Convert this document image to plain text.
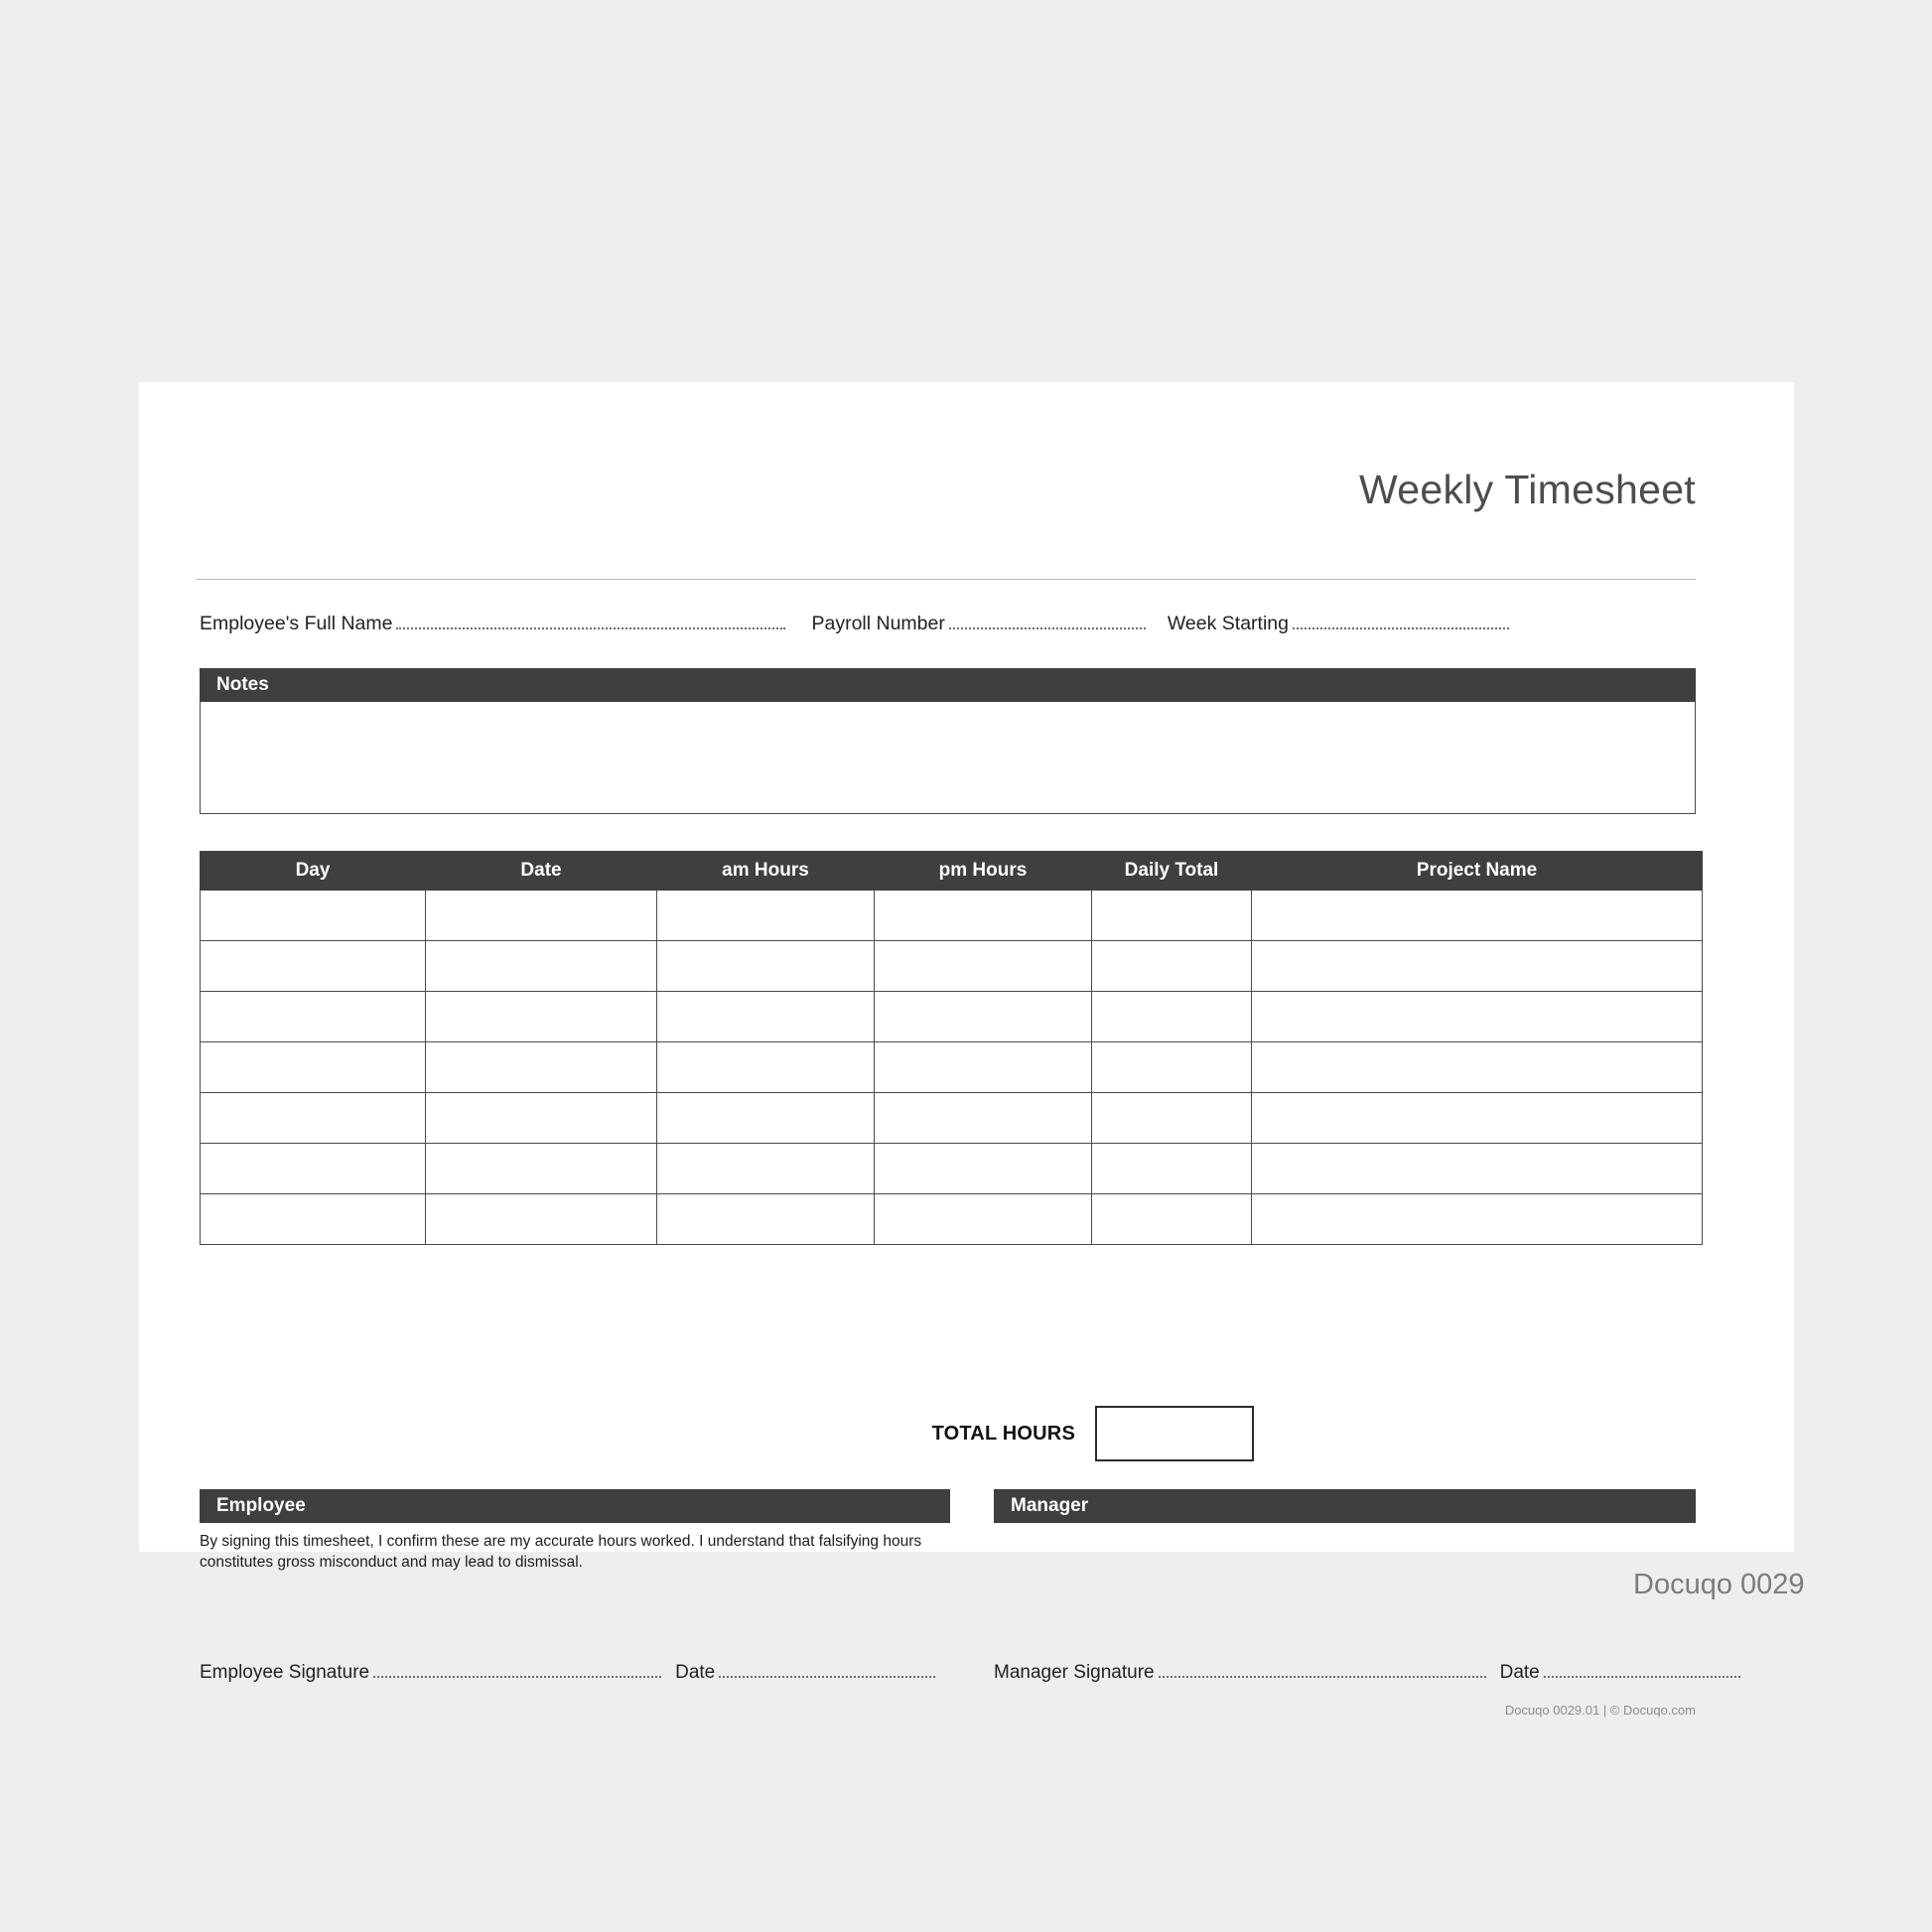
Weekly Timesheet
Employee's Full Name	Payroll Number	Week Starting
Notes
Day	Date	am Hours	pm Hours	Daily Total	Project Name

TOTAL HOURS
Employee
By signing this timesheet, I confirm these are my accurate hours worked. I understand that falsifying hours constitutes gross misconduct and may lead to dismissal.
Employee Signature	Date
Manager
Manager Signature	Date
Docuqo 0029.01 | © Docuqo.com
Docuqo 0029
